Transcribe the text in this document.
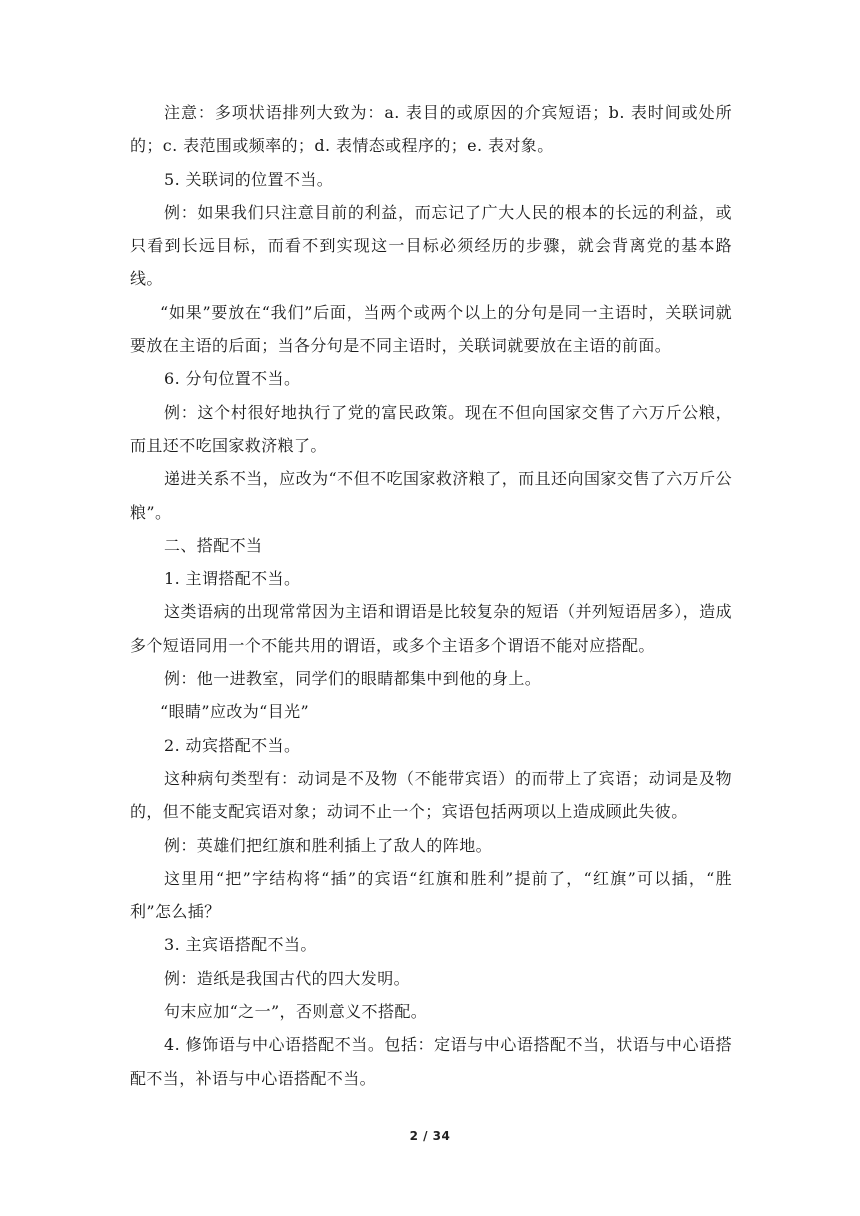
注意：多项状语排列大致为：a. 表目的或原因的介宾短语；b. 表时间或处所的；c. 表范围或频率的；d. 表情态或程序的；e. 表对象。

5. 关联词的位置不当。

例：如果我们只注意目前的利益，而忘记了广大人民的根本的长远的利益，或只看到长远目标，而看不到实现这一目标必须经历的步骤，就会背离党的基本路线。

“如果”要放在“我们”后面，当两个或两个以上的分句是同一主语时，关联词就要放在主语的后面；当各分句是不同主语时，关联词就要放在主语的前面。

6. 分句位置不当。

例：这个村很好地执行了党的富民政策。现在不但向国家交售了六万斤公粮，而且还不吃国家救济粮了。

递进关系不当，应改为“不但不吃国家救济粮了，而且还向国家交售了六万斤公粮”。

二、搭配不当

1. 主谓搭配不当。

这类语病的出现常常因为主语和谓语是比较复杂的短语（并列短语居多），造成多个短语同用一个不能共用的谓语，或多个主语多个谓语不能对应搭配。

例：他一进教室，同学们的眼睛都集中到他的身上。

“眼睛”应改为“目光”

2. 动宾搭配不当。

这种病句类型有：动词是不及物（不能带宾语）的而带上了宾语；动词是及物的，但不能支配宾语对象；动词不止一个；宾语包括两项以上造成顾此失彼。

例：英雄们把红旗和胜利插上了敌人的阵地。

这里用“把”字结构将“插”的宾语“红旗和胜利”提前了，“红旗”可以插，“胜利”怎么插？

3. 主宾语搭配不当。

例：造纸是我国古代的四大发明。

句末应加“之一”，否则意义不搭配。

4. 修饰语与中心语搭配不当。包括：定语与中心语搭配不当，状语与中心语搭配不当，补语与中心语搭配不当。

2 / 34
